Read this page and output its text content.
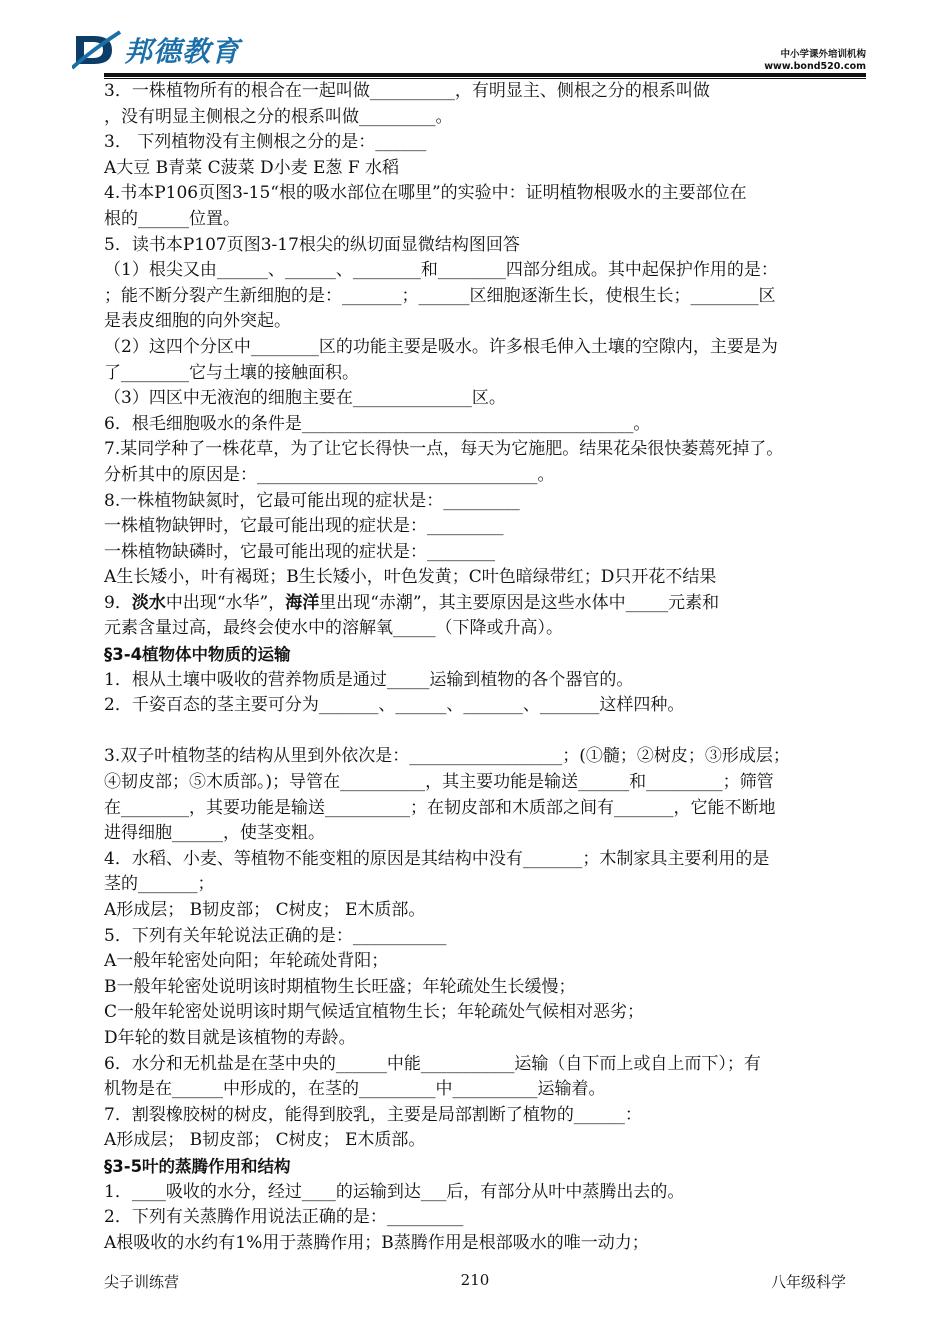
邦德教育	中小学课外培训机构
www.bond520.com
3．一株植物所有的根合在一起叫做__________，有明显主、侧根之分的根系叫做
，没有明显主侧根之分的根系叫做_________。
3． 下列植物没有主侧根之分的是：______
A大豆 B青菜 C菠菜 D小麦 E葱 F 水稻
4.书本P106页图3-15“根的吸水部位在哪里”的实验中：证明植物根吸水的主要部位在
根的______位置。
5．读书本P107页图3-17根尖的纵切面显微结构图回答
（1）根尖又由______、______、________和________四部分组成。其中起保护作用的是：
；能不断分裂产生新细胞的是：_______；______区细胞逐渐生长，使根生长；________区
是表皮细胞的向外突起。
（2）这四个分区中________区的功能主要是吸水。许多根毛伸入土壤的空隙内，主要是为
了________它与土壤的接触面积。
（3）四区中无液泡的细胞主要在______________区。
6．根毛细胞吸水的条件是_______________________________________。
7.某同学种了一株花草，为了让它长得快一点，每天为它施肥。结果花朵很快萎蔫死掉了。
分析其中的原因是：_________________________________。
8.一株植物缺氮时，它最可能出现的症状是：_________
一株植物缺钾时，它最可能出现的症状是：_________
一株植物缺磷时，它最可能出现的症状是：________
A生长矮小，叶有褐斑；B生长矮小，叶色发黄；C叶色暗绿带红；D只开花不结果
9．淡水中出现“水华”，海洋里出现“赤潮”，其主要原因是这些水体中_____元素和
元素含量过高，最终会使水中的溶解氧_____（下降或升高）。
§3-4植物体中物质的运输
1．根从土壤中吸收的营养物质是通过_____运输到植物的各个器官的。
2．千姿百态的茎主要可分为_______、______、_______、_______这样四种。
3.双子叶植物茎的结构从里到外依次是：__________________；(①髓；②树皮；③形成层；
④韧皮部；⑤木质部。)；导管在__________，其主要功能是输送______和_________；筛管
在________，其要功能是输送__________；在韧皮部和木质部之间有_______，它能不断地
进得细胞______，使茎变粗。
4．水稻、小麦、等植物不能变粗的原因是其结构中没有_______；木制家具主要利用的是
茎的_______；
A形成层； B韧皮部； C树皮； E木质部。
5．下列有关年轮说法正确的是：___________
A一般年轮密处向阳；年轮疏处背阳；
B一般年轮密处说明该时期植物生长旺盛；年轮疏处生长缓慢；
C一般年轮密处说明该时期气候适宜植物生长；年轮疏处气候相对恶劣；
D年轮的数目就是该植物的寿龄。
6．水分和无机盐是在茎中央的______中能___________运输（自下而上或自上而下）；有
机物是在______中形成的，在茎的_________中__________运输着。
7．割裂橡胶树的树皮，能得到胶乳，主要是局部割断了植物的______：
A形成层； B韧皮部； C树皮； E木质部。
§3-5叶的蒸腾作用和结构
1．____吸收的水分，经过____的运输到达___后，有部分从叶中蒸腾出去的。
2．下列有关蒸腾作用说法正确的是：_________
A根吸收的水约有1%用于蒸腾作用；B蒸腾作用是根部吸水的唯一动力；
尖子训练营	210	八年级科学
